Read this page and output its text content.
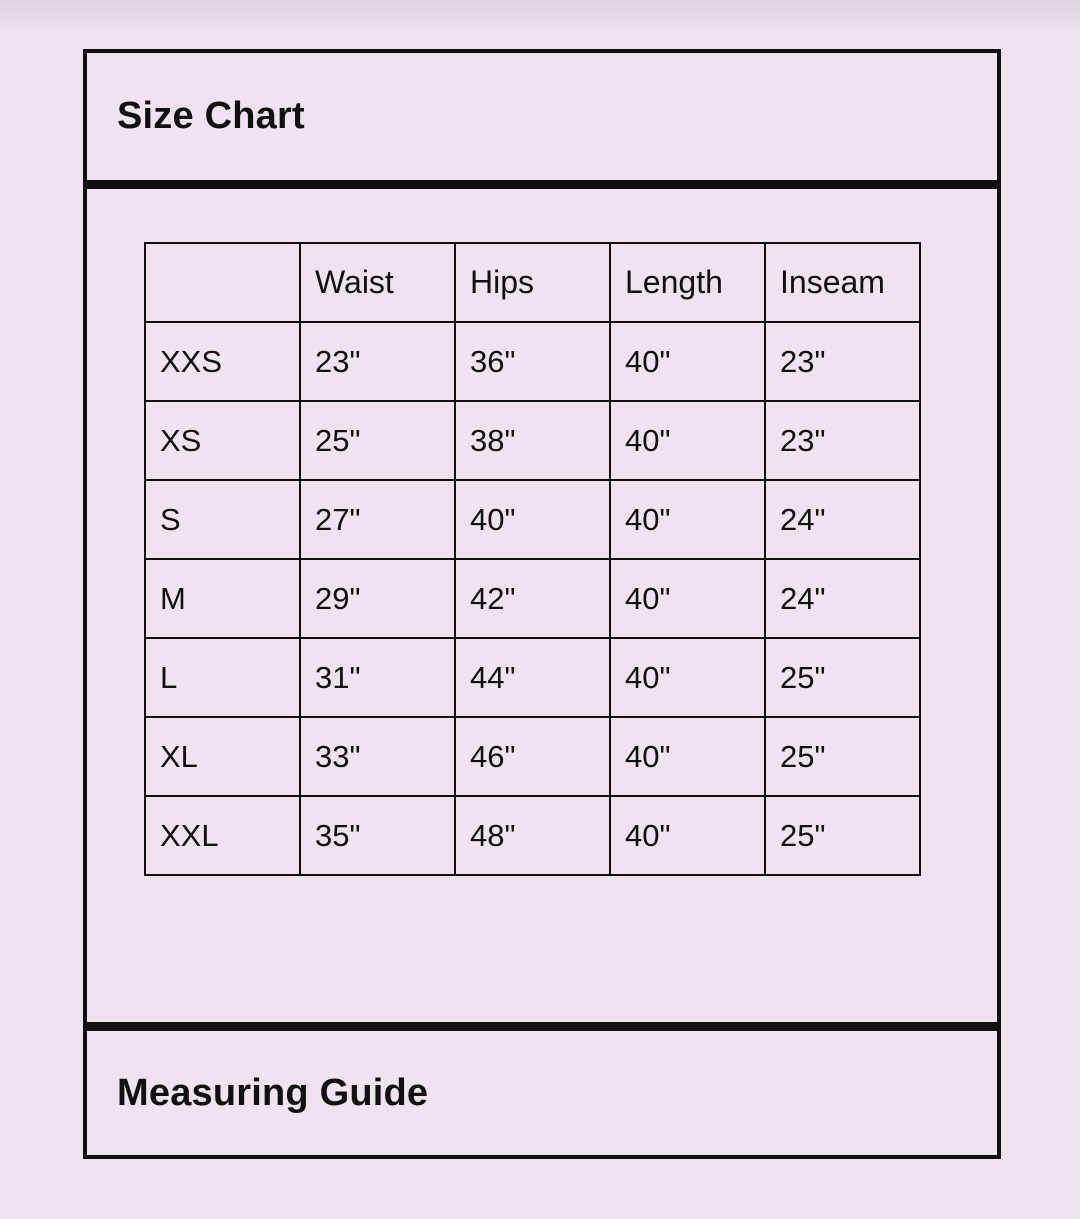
Size Chart
	Waist	Hips	Length	Inseam
XXS	23"	36"	40"	23"
XS	25"	38"	40"	23"
S	27"	40"	40"	24"
M	29"	42"	40"	24"
L	31"	44"	40"	25"
XL	33"	46"	40"	25"
XXL	35"	48"	40"	25"
Measuring Guide
